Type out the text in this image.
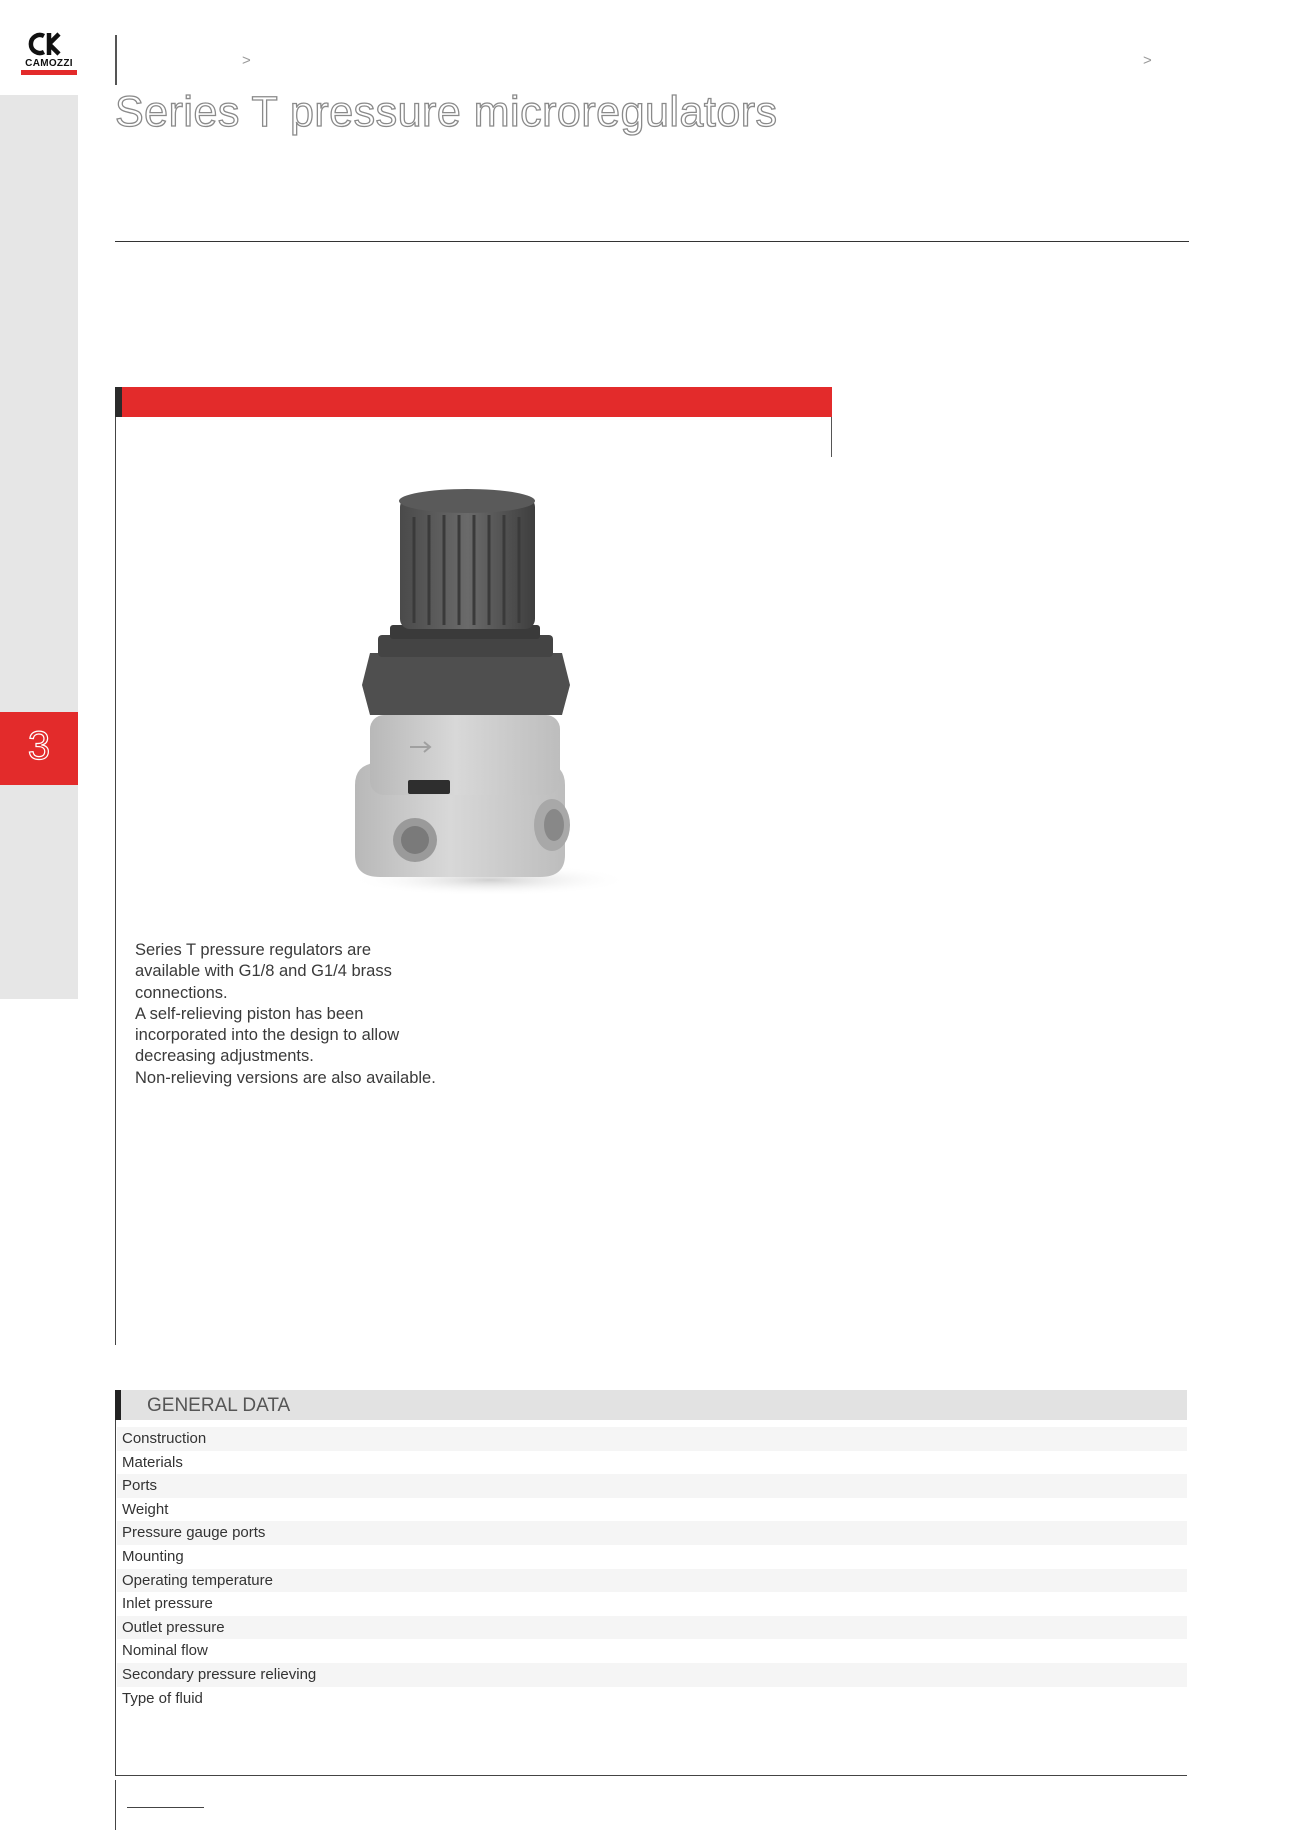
CAMOZZI
3
>	>
Series T pressure microregulators

Series T pressure regulators are

available with G1/8 and G1/4 brass

connections.

A self-relieving piston has been

incorporated into the design to allow

decreasing adjustments.

Non-relieving versions are also available.

GENERAL DATA
Construction
Materials
Ports
Weight
Pressure gauge ports
Mounting
Operating temperature
Inlet pressure
Outlet pressure
Nominal flow
Secondary pressure relieving
Type of fluid
